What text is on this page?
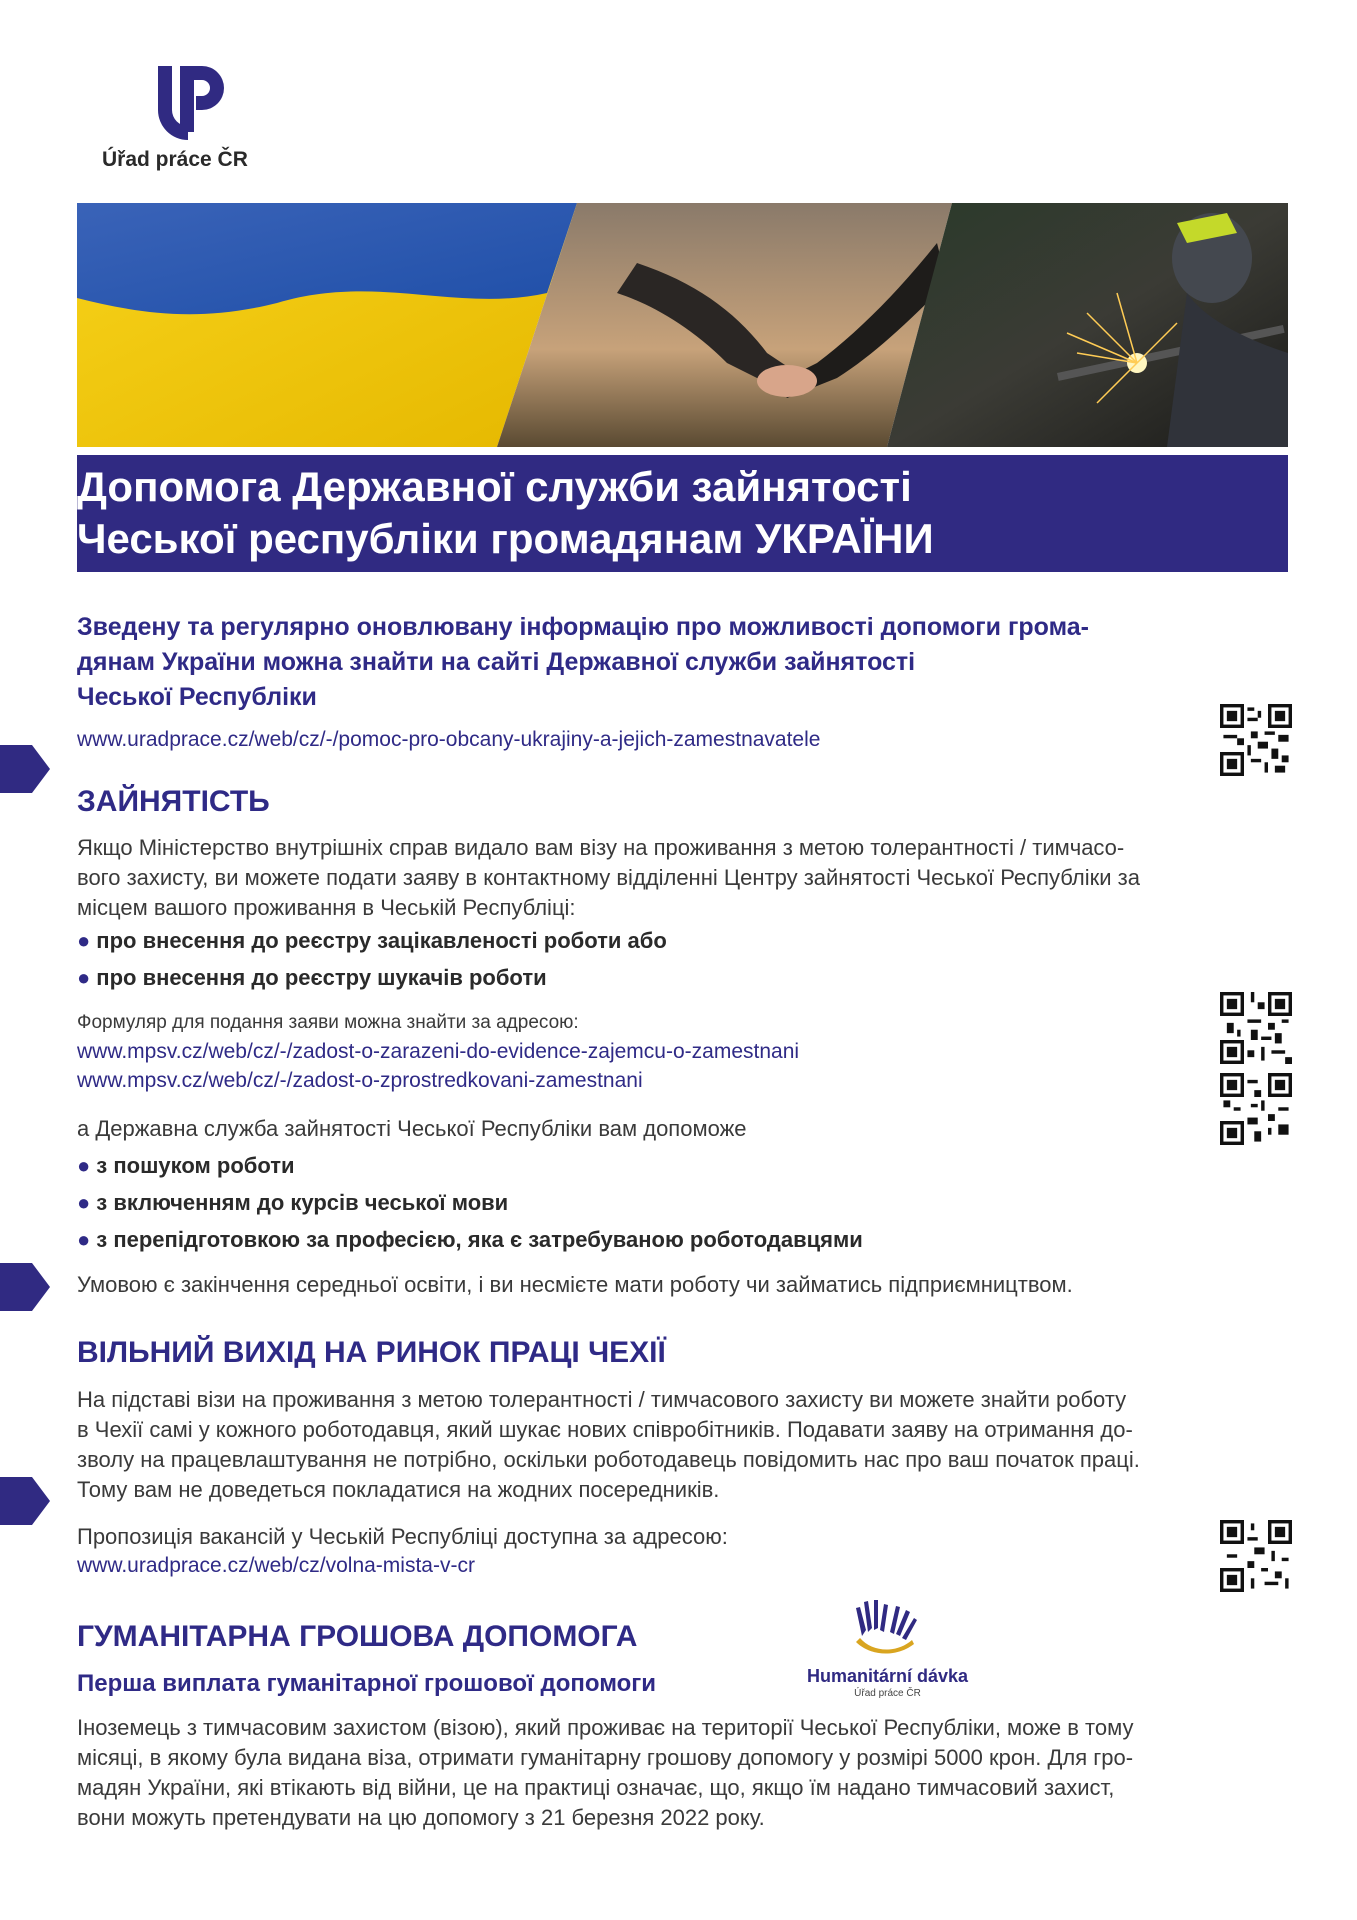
Úřad práce ČR
Допомога Державної служби зайнятості
Чеської республіки громадянам УКРАЇНИ
Зведену та регулярно оновлювану інформацію про можливості допомоги грома-
дянам України можна знайти на сайті Державної служби зайнятості
Чеської Республіки
www.uradprace.cz/web/cz/-/pomoc-pro-obcany-ukrajiny-a-jejich-zamestnavatele
ЗАЙНЯТІСТЬ
Якщо Міністерство внутрішніх справ видало вам візу на проживання з метою толерантності / тимчасо-
вого захисту, ви можете подати заяву в контактному відділенні Центру зайнятості Чеської Республіки за
місцем вашого проживання в Чеській Республіці:
● про внесення до реєстру зацікавленості роботи або
● про внесення до реєстру шукачів роботи
Формуляр для подання заяви можна знайти за адресою:
www.mpsv.cz/web/cz/-/zadost-o-zarazeni-do-evidence-zajemcu-o-zamestnani
www.mpsv.cz/web/cz/-/zadost-o-zprostredkovani-zamestnani
а Державна служба зайнятості Чеської Республіки вам допоможе
● з пошуком роботи
● з включенням до курсів чеської мови
● з перепідготовкою за професією, яка є затребуваною роботодавцями
Умовою є закінчення середньої освіти, і ви несмієте мати роботу чи займатись підприємництвом.
ВІЛЬНИЙ ВИХІД НА РИНОК ПРАЦІ ЧЕХІЇ
На підставі візи на проживання з метою толерантності / тимчасового захисту ви можете знайти роботу
в Чехії самі у кожного роботодавця, який шукає нових співробітників. Подавати заяву на отримання до-
зволу на працевлаштування не потрібно, оскільки роботодавець повідомить нас про ваш початок праці.
Тому вам не доведеться покладатися на жодних посередників.
Пропозиція вакансій у Чеській Республіці доступна за адресою:
www.uradprace.cz/web/cz/volna-mista-v-cr
ГУМАНІТАРНА ГРОШОВА ДОПОМОГА
Перша виплата гуманітарної грошової допомоги	Humanitární dávka
Úřad práce ČR
Іноземець з тимчасовим захистом (візою), який проживає на території Чеської Республіки, може в тому
місяці, в якому була видана віза, отримати гуманітарну грошову допомогу у розмірі 5000 крон. Для гро-
мадян України, які втікають від війни, це на практиці означає, що, якщо їм надано тимчасовий захист,
вони можуть претендувати на цю допомогу з 21 березня 2022 року.
